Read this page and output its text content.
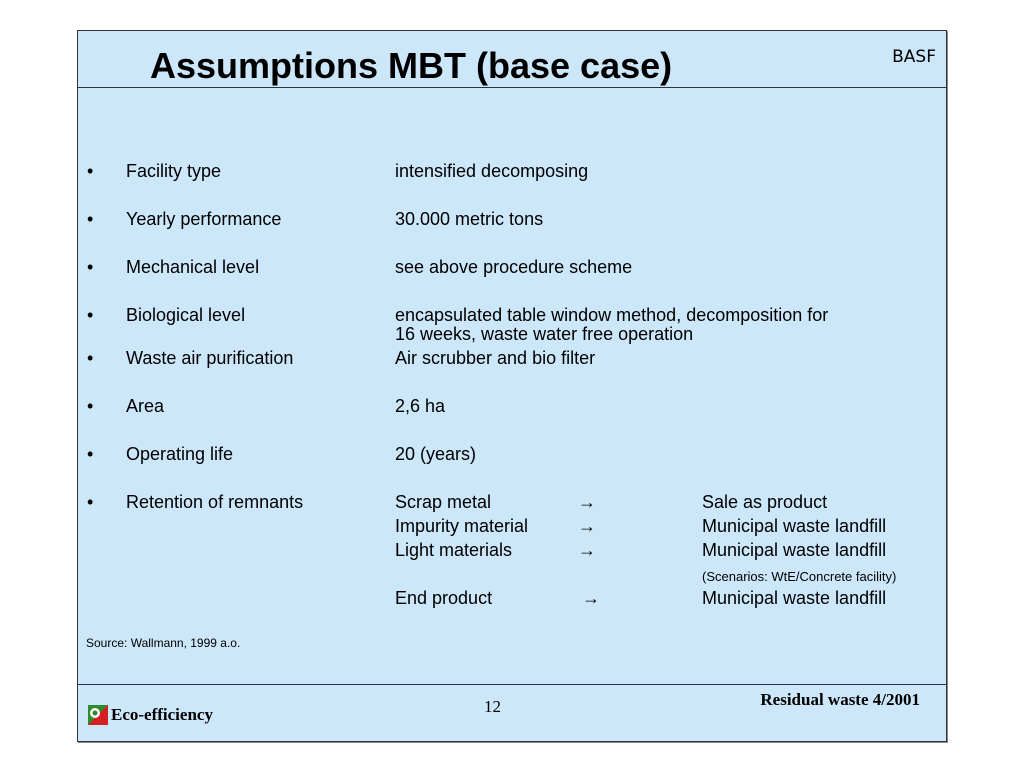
Assumptions MBT (base case)	BASF
• Facility type	intensified decomposing
• Yearly performance	30.000 metric tons
• Mechanical level	see above procedure scheme
• Biological level	encapsulated table window method, decomposition for
16 weeks, waste water free operation
• Waste air purification	Air scrubber and bio filter
• Area	2,6 ha
• Operating life	20 (years)
• Retention of remnants	Scrap metal	→	Sale as product
Impurity material	→	Municipal waste landfill
Light materials	→	Municipal waste landfill
(Scenarios: WtE/Concrete facility)
End product	→	Municipal waste landfill
Source: Wallmann, 1999 a.o.
Eco-efficiency	12	Residual waste 4/2001
